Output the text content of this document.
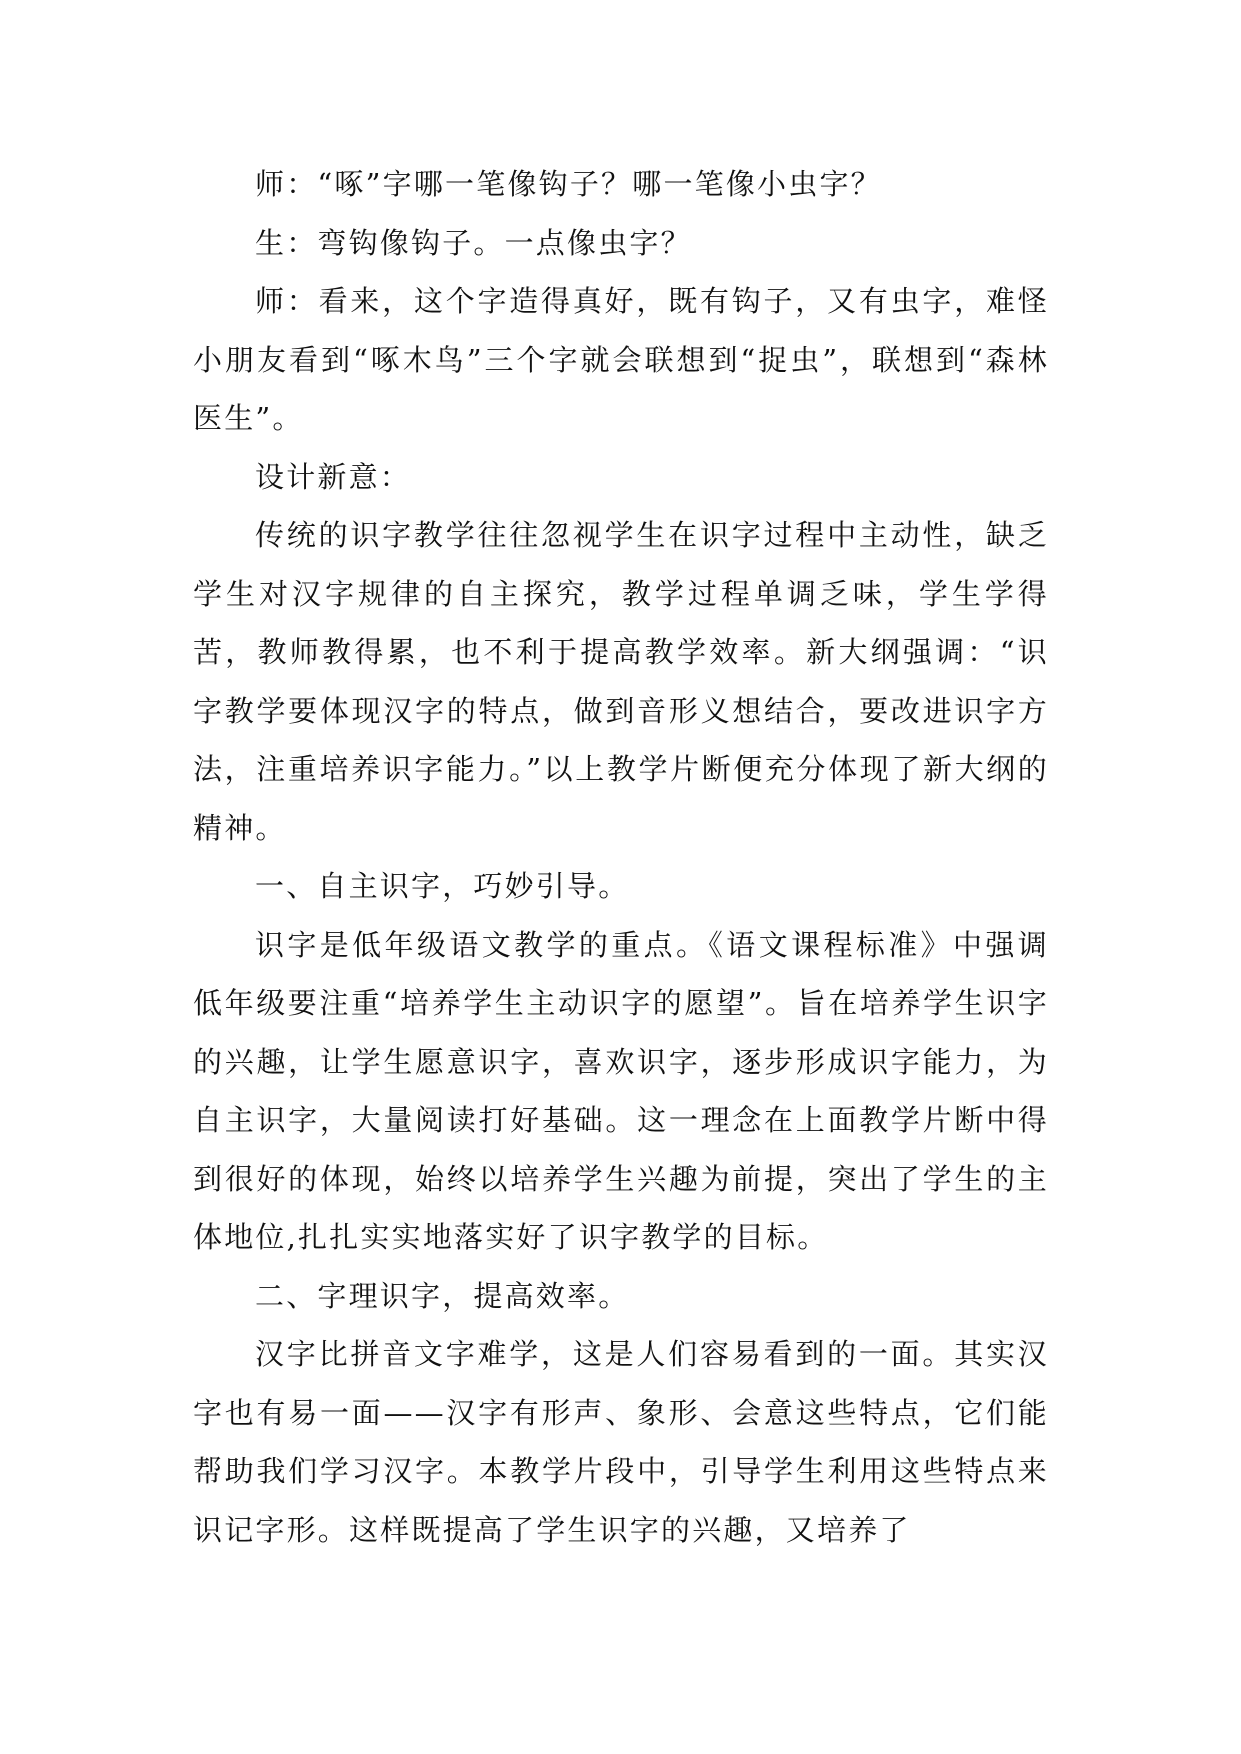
师：“啄”字哪一笔像钩子？哪一笔像小虫字？

生：弯钩像钩子。一点像虫字？

师：看来，这个字造得真好，既有钩子，又有虫字，难怪小朋友看到“啄木鸟”三个字就会联想到“捉虫”，联想到“森林医生”。

设计新意：

传统的识字教学往往忽视学生在识字过程中主动性，缺乏学生对汉字规律的自主探究，教学过程单调乏味，学生学得苦，教师教得累，也不利于提高教学效率。新大纲强调：“识字教学要体现汉字的特点，做到音形义想结合，要改进识字方法，注重培养识字能力。”以上教学片断便充分体现了新大纲的精神。

一、自主识字，巧妙引导。

识字是低年级语文教学的重点。《语文课程标准》中强调低年级要注重“培养学生主动识字的愿望”。旨在培养学生识字的兴趣，让学生愿意识字，喜欢识字，逐步形成识字能力，为自主识字，大量阅读打好基础。这一理念在上面教学片断中得到很好的体现，始终以培养学生兴趣为前提，突出了学生的主体地位,扎扎实实地落实好了识字教学的目标。

二、字理识字，提高效率。

汉字比拼音文字难学，这是人们容易看到的一面。其实汉字也有易一面——汉字有形声、象形、会意这些特点，它们能帮助我们学习汉字。本教学片段中，引导学生利用这些特点来识记字形。这样既提高了学生识字的兴趣，又培养了
